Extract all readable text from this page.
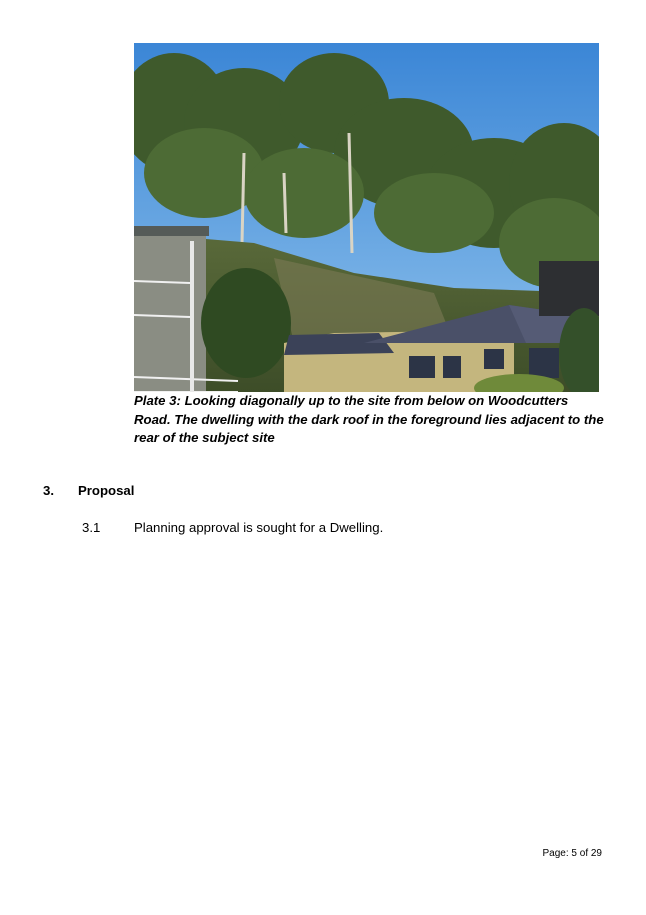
Plate 3: Looking diagonally up to the site from below on Woodcutters Road. The dwelling with the dark roof in the foreground lies adjacent to the rear of the subject site
3. Proposal
3.1	Planning approval is sought for a Dwelling.
Page: 5 of 29
